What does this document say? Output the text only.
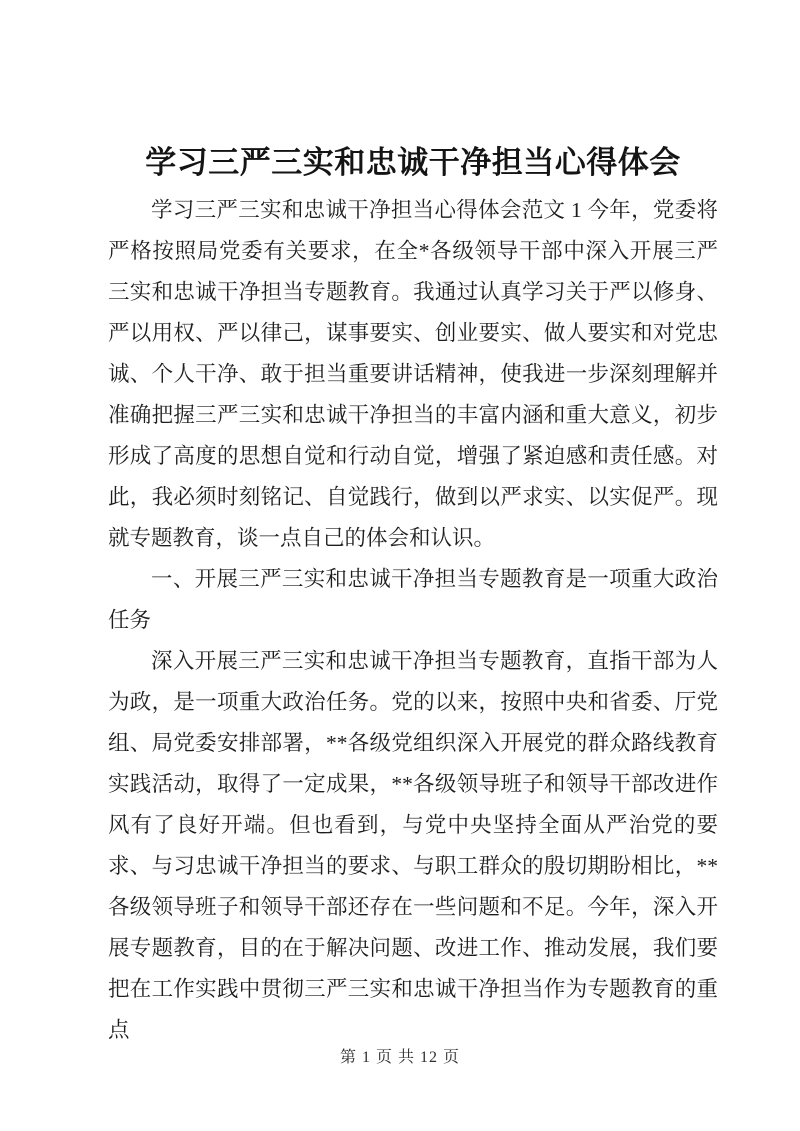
学习三严三实和忠诚干净担当心得体会

学习三严三实和忠诚干净担当心得体会范文 1 今年，党委将严格按照局党委有关要求，在全*各级领导干部中深入开展三严三实和忠诚干净担当专题教育。我通过认真学习关于严以修身、严以用权、严以律己，谋事要实、创业要实、做人要实和对党忠诚、个人干净、敢于担当重要讲话精神，使我进一步深刻理解并准确把握三严三实和忠诚干净担当的丰富内涵和重大意义，初步形成了高度的思想自觉和行动自觉，增强了紧迫感和责任感。对此，我必须时刻铭记、自觉践行，做到以严求实、以实促严。现就专题教育，谈一点自己的体会和认识。

一、开展三严三实和忠诚干净担当专题教育是一项重大政治任务

深入开展三严三实和忠诚干净担当专题教育，直指干部为人为政，是一项重大政治任务。党的以来，按照中央和省委、厅党组、局党委安排部署，**各级党组织深入开展党的群众路线教育实践活动，取得了一定成果，**各级领导班子和领导干部改进作风有了良好开端。但也看到，与党中央坚持全面从严治党的要求、与习忠诚干净担当的要求、与职工群众的殷切期盼相比，**各级领导班子和领导干部还存在一些问题和不足。今年，深入开展专题教育，目的在于解决问题、改进工作、推动发展，我们要把在工作实践中贯彻三严三实和忠诚干净担当作为专题教育的重点

第 1 页 共 12 页
